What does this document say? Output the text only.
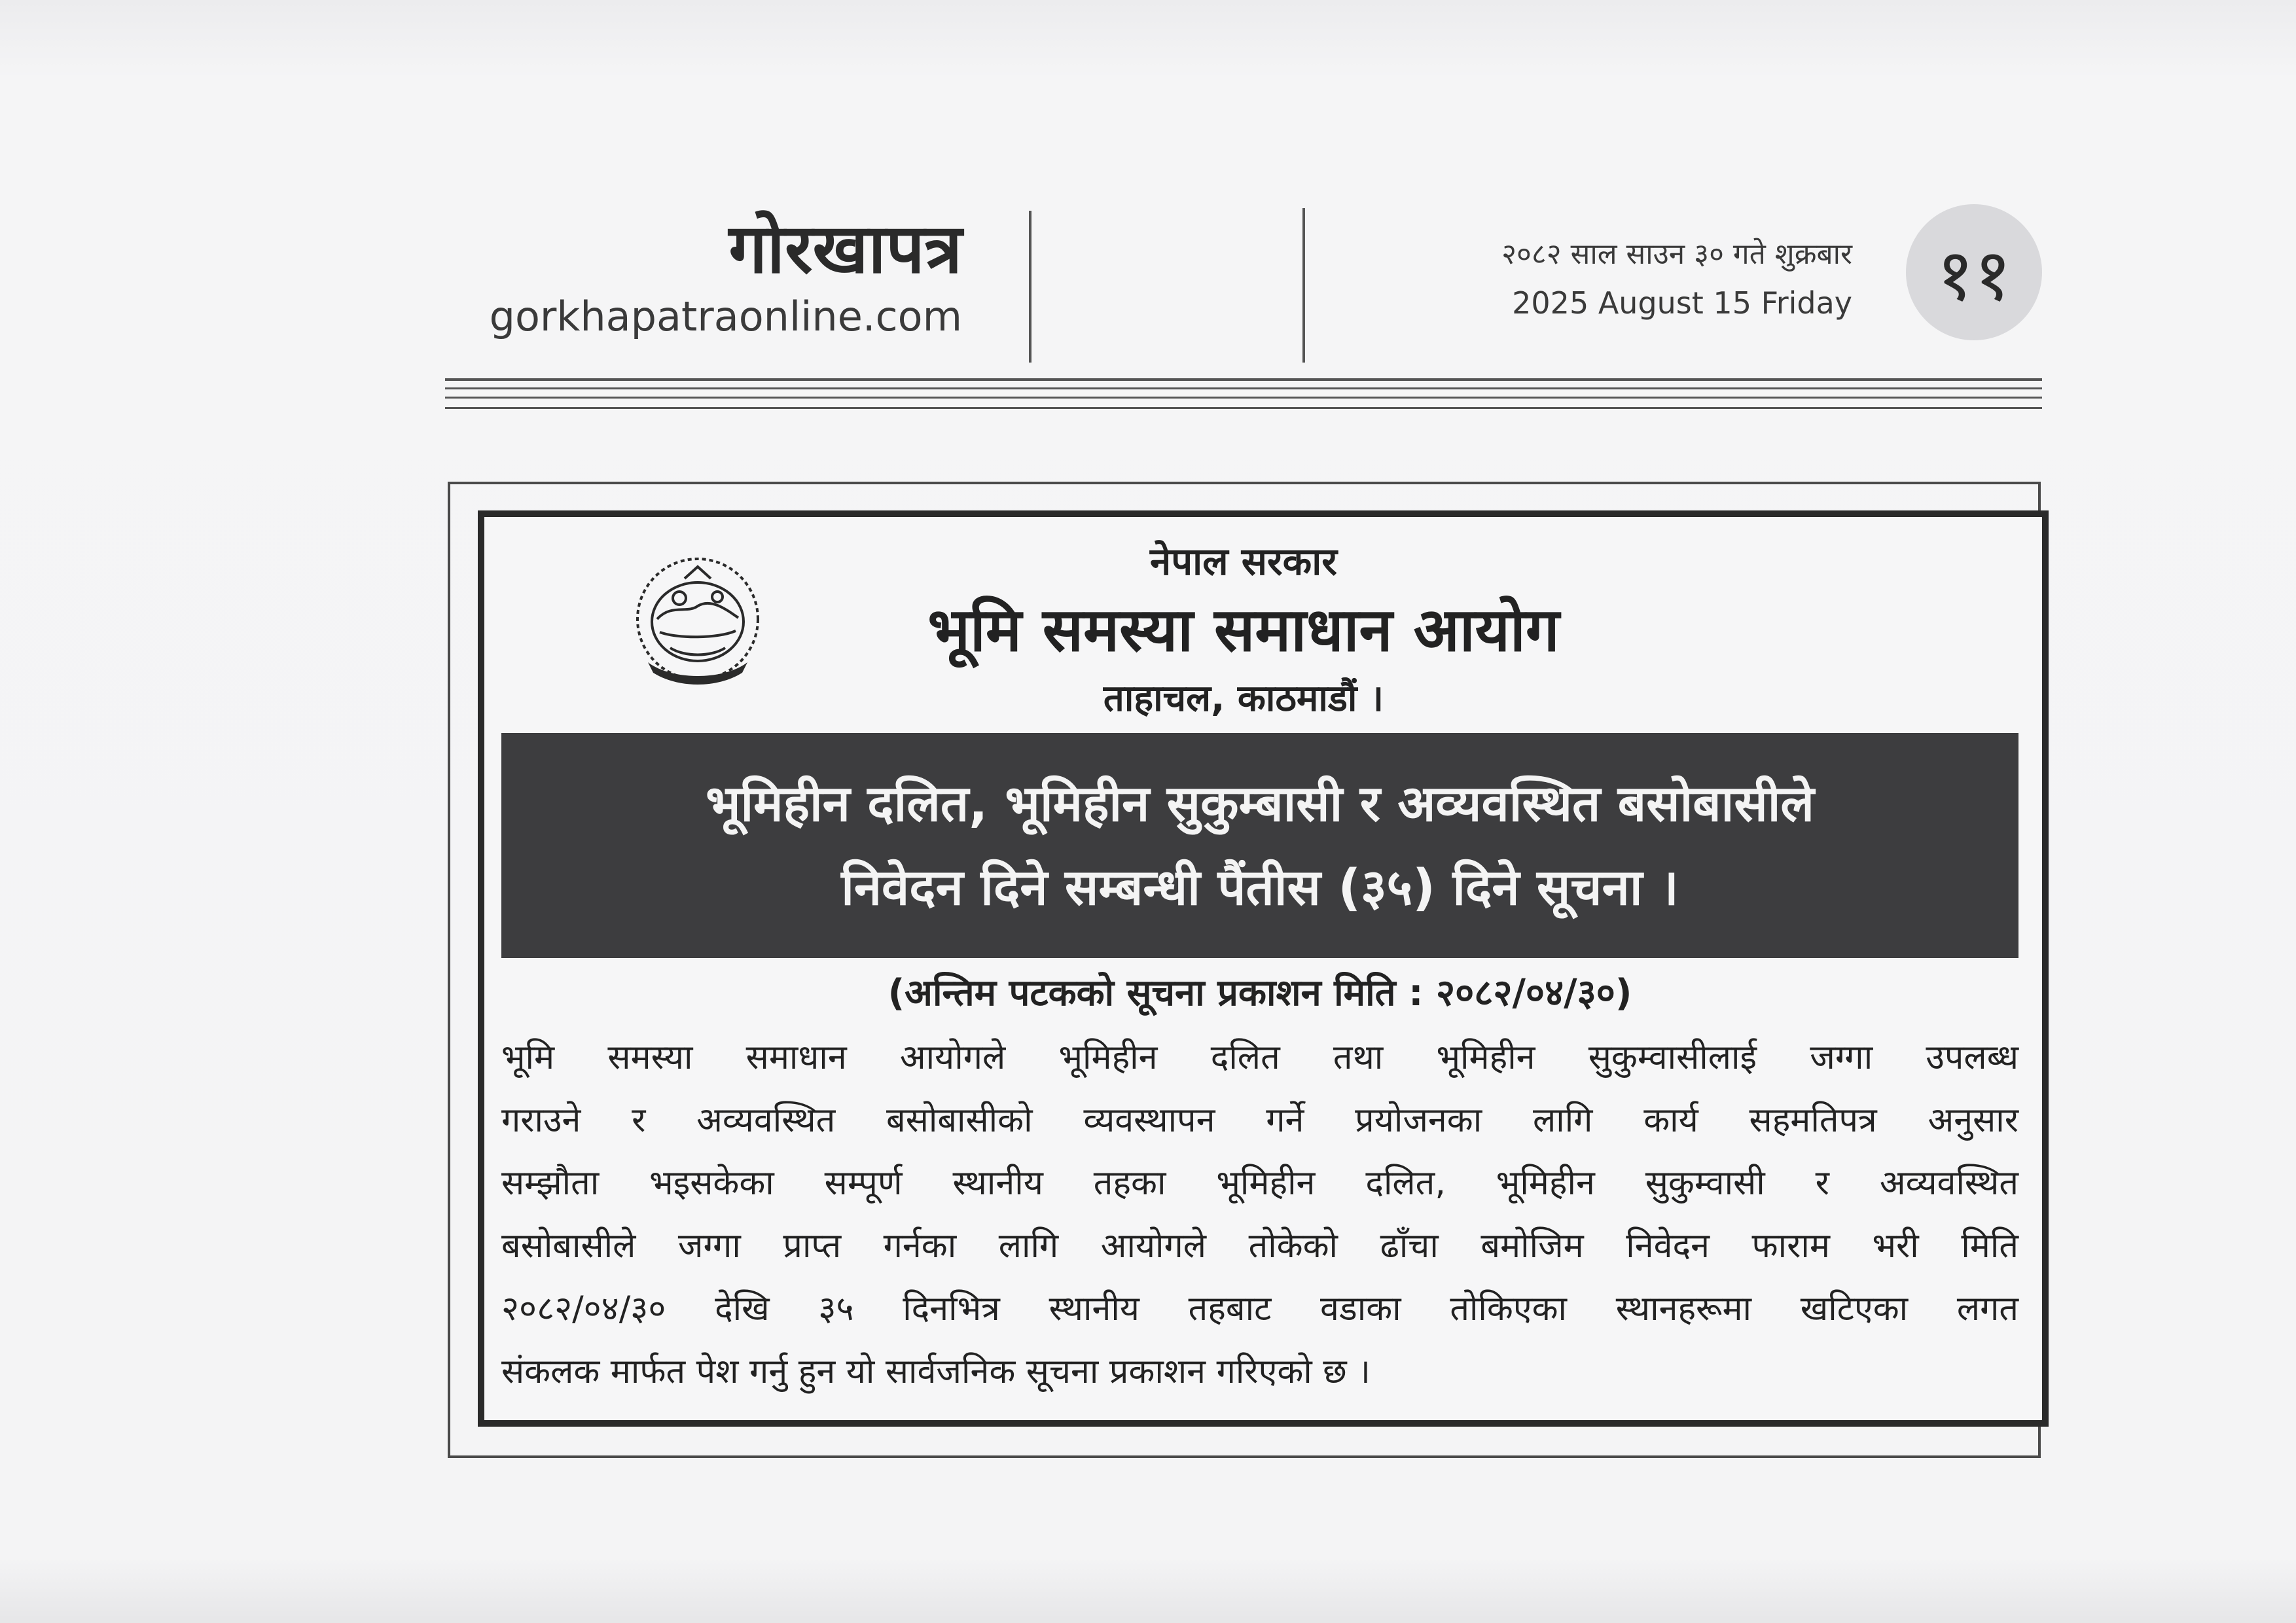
गोरखापत्र
gorkhapatraonline.com
२०८२ साल साउन ३० गते शुक्रबार
2025 August 15 Friday ११
नेपाल सरकार
भूमि समस्या समाधान आयोग
ताहाचल, काठमाडौं ।
भूमिहीन दलित, भूमिहीन सुकुम्बासी र अव्यवस्थित बसोबासीले
निवेदन दिने सम्बन्धी पैंतीस (३५) दिने सूचना ।
(अन्तिम पटकको सूचना प्रकाशन मिति : २०८२/०४/३०)
भूमि समस्या समाधान आयोगले भूमिहीन दलित तथा भूमिहीन सुकुम्वासीलाई जग्गा उपलब्ध
गराउने र अव्यवस्थित बसोबासीको व्यवस्थापन गर्ने प्रयोजनका लागि कार्य सहमतिपत्र अनुसार
सम्झौता भइसकेका सम्पूर्ण स्थानीय तहका भूमिहीन दलित, भूमिहीन सुकुम्वासी र अव्यवस्थित
बसोबासीले जग्गा प्राप्त गर्नका लागि आयोगले तोकेको ढाँचा बमोजिम निवेदन फाराम भरी मिति
२०८२/०४/३० देखि ३५ दिनभित्र स्थानीय तहबाट वडाका तोकिएका स्थानहरूमा खटिएका लगत
संकलक मार्फत पेश गर्नु हुन यो सार्वजनिक सूचना प्रकाशन गरिएको छ ।
